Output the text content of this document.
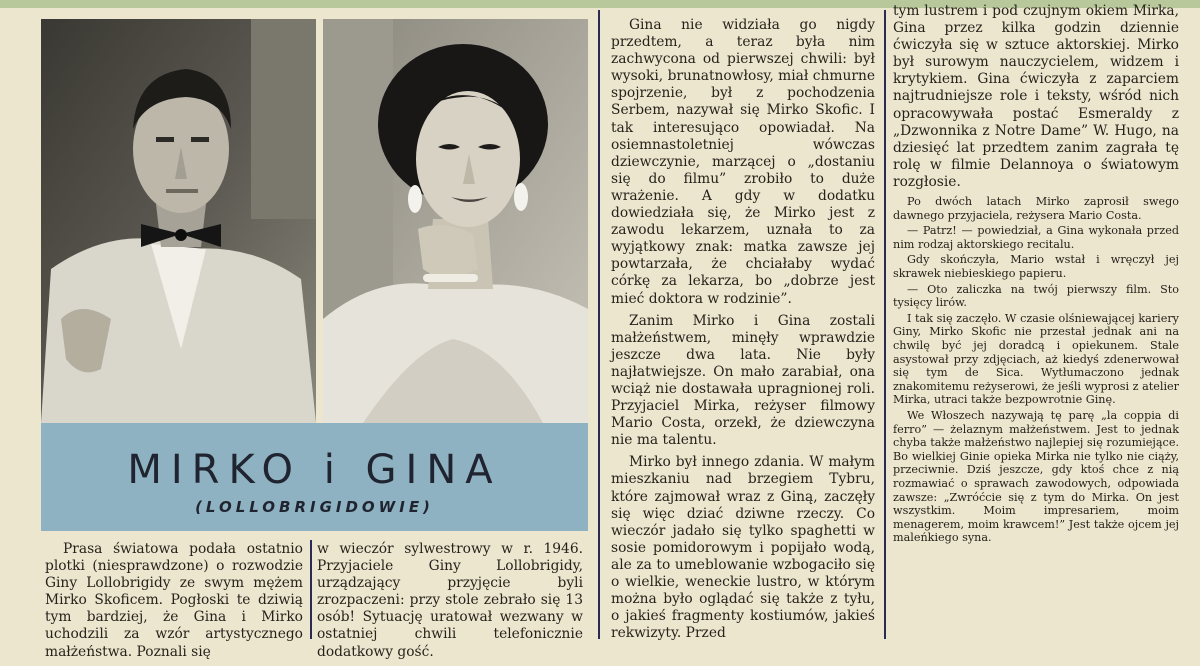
MIRKO i GINA
(LOLLOBRIGIDOWIE)

Prasa światowa podała ostatnio plotki (niesprawdzone) o rozwodzie Giny Lollobrigidy ze swym mężem Mirko Skoficem. Pogłoski te dziwią tym bardziej, że Gina i Mirko uchodzili za wzór artystycznego małżeństwa. Poznali się

w wieczór sylwestrowy w r. 1946. Przyjaciele Giny Lollobrigidy, urządzający przyjęcie byli zrozpaczeni: przy stole zebrało się 13 osób! Sytuację uratował wezwany w ostatniej chwili telefonicznie dodatkowy gość.

Gina nie widziała go nigdy przedtem, a teraz była nim zachwycona od pierwszej chwili: był wysoki, brunatnowłosy, miał chmurne spojrzenie, był z pochodzenia Serbem, nazywał się Mirko Skofic. I tak interesująco opowiadał. Na osiemnastoletniej wówczas dziewczynie, marzącej o „dostaniu się do filmu” zrobiło to duże wrażenie. A gdy w dodatku dowiedziała się, że Mirko jest z zawodu lekarzem, uznała to za wyjątkowy znak: matka zawsze jej powtarzała, że chciałaby wydać córkę za lekarza, bo „dobrze jest mieć doktora w rodzinie”.

Zanim Mirko i Gina zostali małżeństwem, minęły wprawdzie jeszcze dwa lata. Nie były najłatwiejsze. On mało zarabiał, ona wciąż nie dostawała upragnionej roli. Przyjaciel Mirka, reżyser filmowy Mario Costa, orzekł, że dziewczyna nie ma talentu.

Mirko był innego zdania. W małym mieszkaniu nad brzegiem Tybru, które zajmował wraz z Giną, zaczęły się więc dziać dziwne rzeczy. Co wieczór jadało się tylko spaghetti w sosie pomidorowym i popijało wodą, ale za to umeblowanie wzbogaciło się o wielkie, weneckie lustro, w którym można było oglądać się także z tyłu, o jakieś fragmenty kostiumów, jakieś rekwizyty. Przed

tym lustrem i pod czujnym okiem Mirka, Gina przez kilka godzin dziennie ćwiczyła się w sztuce aktorskiej. Mirko był surowym nauczycielem, widzem i krytykiem. Gina ćwiczyła z zaparciem najtrudniejsze role i teksty, wśród nich opracowywała postać Esmeraldy z „Dzwonnika z Notre Dame” W. Hugo, na dziesięć lat przedtem zanim zagrała tę rolę w filmie Delannoya o światowym rozgłosie.

Po dwóch latach Mirko zaprosił swego dawnego przyjaciela, reżysera Mario Costa.

— Patrz! — powiedział, a Gina wykonała przed nim rodzaj aktorskiego recitalu.

Gdy skończyła, Mario wstał i wręczył jej skrawek niebieskiego papieru.

— Oto zaliczka na twój pierwszy film. Sto tysięcy lirów.

I tak się zaczęło. W czasie olśniewającej kariery Giny, Mirko Skofic nie przestał jednak ani na chwilę być jej doradcą i opiekunem. Stale asystował przy zdjęciach, aż kiedyś zdenerwował się tym de Sica. Wytłumaczono jednak znakomitemu reżyserowi, że jeśli wyprosi z atelier Mirka, utraci także bezpowrotnie Ginę.

We Włoszech nazywają tę parę „la coppia di ferro” — żelaznym małżeństwem. Jest to jednak chyba także małżeństwo najlepiej się rozumiejące. Bo wielkiej Ginie opieka Mirka nie tylko nie ciąży, przeciwnie. Dziś jeszcze, gdy ktoś chce z nią rozmawiać o sprawach zawodowych, odpowiada zawsze: „Zwróćcie się z tym do Mirka. On jest wszystkim. Moim impresariem, moim menagerem, moim krawcem!” Jest także ojcem jej maleńkiego syna.
